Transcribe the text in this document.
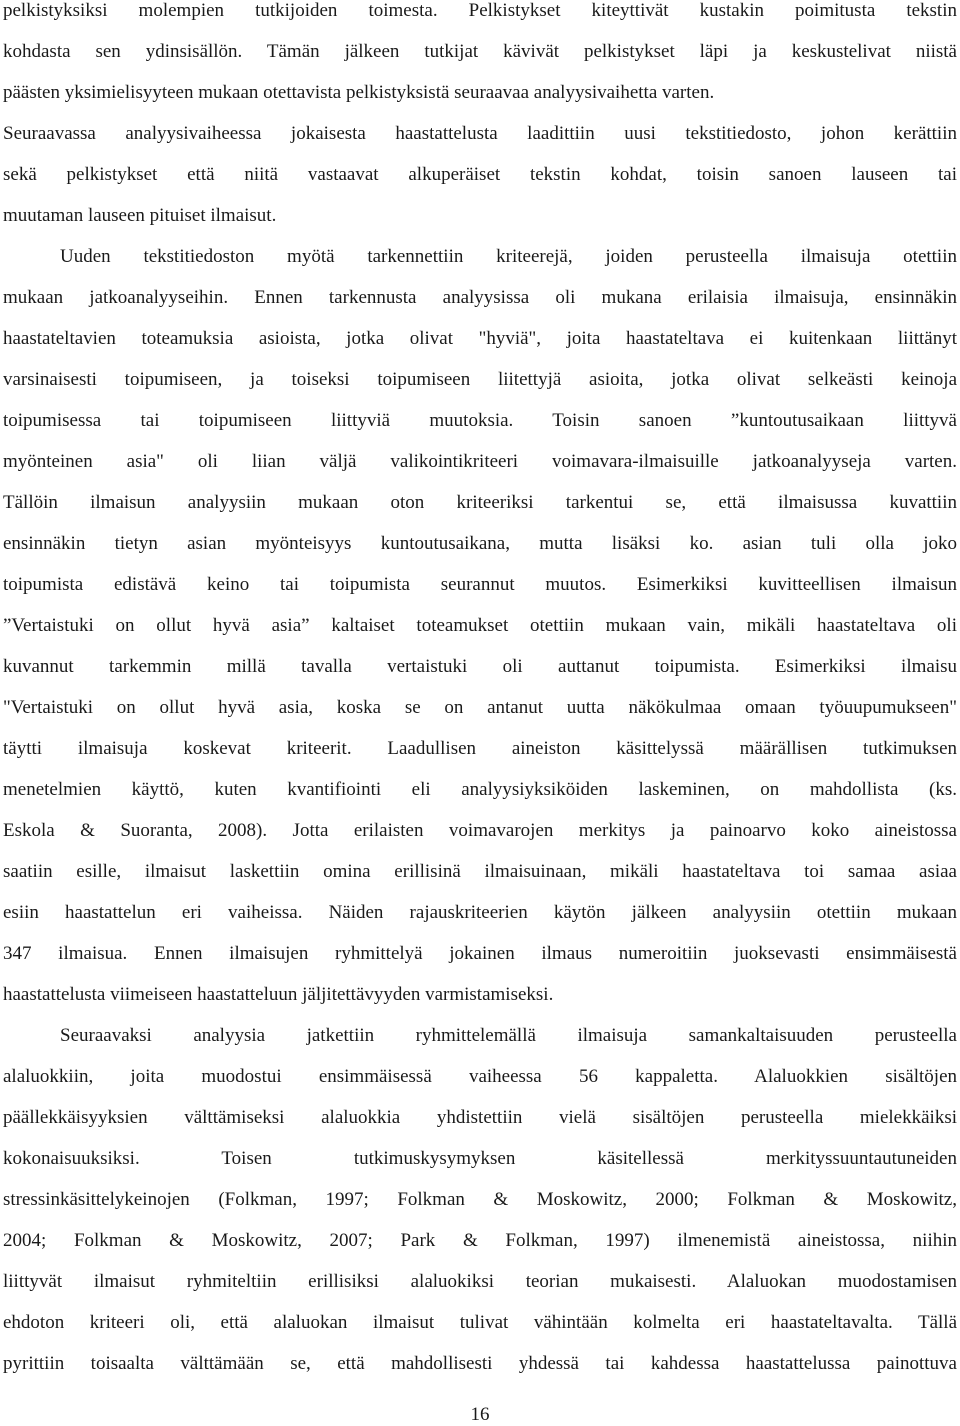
pelkistyksiksi molempien tutkijoiden toimesta. Pelkistykset kiteyttivät kustakin poimitusta tekstin
kohdasta sen ydinsisällön. Tämän jälkeen tutkijat kävivät pelkistykset läpi ja keskustelivat niistä
päästen yksimielisyyteen mukaan otettavista pelkistyksistä seuraavaa analyysivaihetta varten.
Seuraavassa analyysivaiheessa jokaisesta haastattelusta laadittiin uusi tekstitiedosto, johon kerättiin
sekä pelkistykset että niitä vastaavat alkuperäiset tekstin kohdat, toisin sanoen lauseen tai
muutaman lauseen pituiset ilmaisut.
Uuden tekstitiedoston myötä tarkennettiin kriteerejä, joiden perusteella ilmaisuja otettiin
mukaan jatkoanalyyseihin. Ennen tarkennusta analyysissa oli mukana erilaisia ilmaisuja, ensinnäkin
haastateltavien toteamuksia asioista, jotka olivat "hyviä", joita haastateltava ei kuitenkaan liittänyt
varsinaisesti toipumiseen, ja toiseksi toipumiseen liitettyjä asioita, jotka olivat selkeästi keinoja
toipumisessa tai toipumiseen liittyviä muutoksia. Toisin sanoen ”kuntoutusaikaan liittyvä
myönteinen asia" oli liian väljä valikointikriteeri voimavara-ilmaisuille jatkoanalyyseja varten.
Tällöin ilmaisun analyysiin mukaan oton kriteeriksi tarkentui se, että ilmaisussa kuvattiin
ensinnäkin tietyn asian myönteisyys kuntoutusaikana, mutta lisäksi ko. asian tuli olla joko
toipumista edistävä keino tai toipumista seurannut muutos. Esimerkiksi kuvitteellisen ilmaisun
”Vertaistuki on ollut hyvä asia” kaltaiset toteamukset otettiin mukaan vain, mikäli haastateltava oli
kuvannut tarkemmin millä tavalla vertaistuki oli auttanut toipumista. Esimerkiksi ilmaisu
"Vertaistuki on ollut hyvä asia, koska se on antanut uutta näkökulmaa omaan työuupumukseen"
täytti ilmaisuja koskevat kriteerit. Laadullisen aineiston käsittelyssä määrällisen tutkimuksen
menetelmien käyttö, kuten kvantifiointi eli analyysiyksiköiden laskeminen, on mahdollista (ks.
Eskola & Suoranta, 2008). Jotta erilaisten voimavarojen merkitys ja painoarvo koko aineistossa
saatiin esille, ilmaisut laskettiin omina erillisinä ilmaisuinaan, mikäli haastateltava toi samaa asiaa
esiin haastattelun eri vaiheissa. Näiden rajauskriteerien käytön jälkeen analyysiin otettiin mukaan
347 ilmaisua. Ennen ilmaisujen ryhmittelyä jokainen ilmaus numeroitiin juoksevasti ensimmäisestä
haastattelusta viimeiseen haastatteluun jäljitettävyyden varmistamiseksi.
Seuraavaksi analyysia jatkettiin ryhmittelemällä ilmaisuja samankaltaisuuden perusteella
alaluokkiin, joita muodostui ensimmäisessä vaiheessa 56 kappaletta. Alaluokkien sisältöjen
päällekkäisyyksien välttämiseksi alaluokkia yhdistettiin vielä sisältöjen perusteella mielekkäiksi
kokonaisuuksiksi. Toisen tutkimuskysymyksen käsitellessä merkityssuuntautuneiden
stressinkäsittelykeinojen (Folkman, 1997; Folkman & Moskowitz, 2000; Folkman & Moskowitz,
2004; Folkman & Moskowitz, 2007; Park & Folkman, 1997) ilmenemistä aineistossa, niihin
liittyvät ilmaisut ryhmiteltiin erillisiksi alaluokiksi teorian mukaisesti. Alaluokan muodostamisen
ehdoton kriteeri oli, että alaluokan ilmaisut tulivat vähintään kolmelta eri haastateltavalta. Tällä
pyrittiin toisaalta välttämään se, että mahdollisesti yhdessä tai kahdessa haastattelussa painottuva
16
